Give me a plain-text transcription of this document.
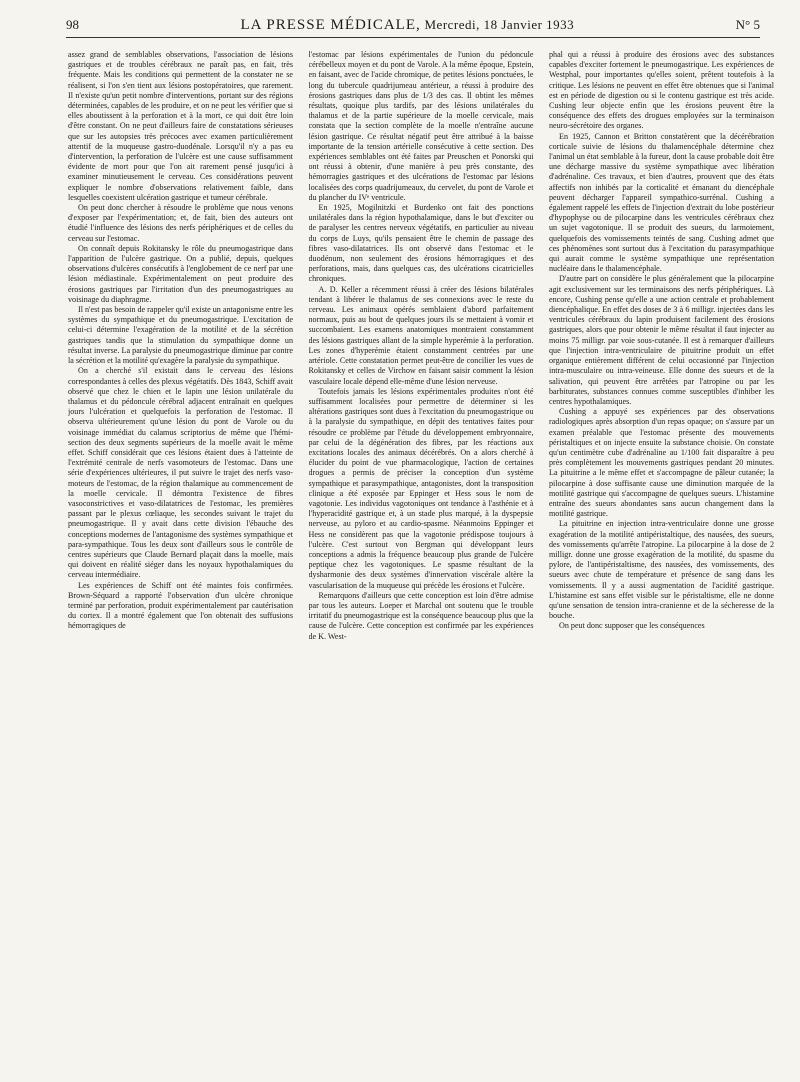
98	LA PRESSE MÉDICALE, Mercredi, 18 Janvier 1933	N° 5

assez grand de semblables observations, l'association de lésions gastriques et de troubles cérébraux ne paraît pas, en fait, très fréquente. Mais les conditions qui permettent de la constater ne se réalisent, si l'on s'en tient aux lésions postopératoires, que rarement. Il n'existe qu'un petit nombre d'interventions, portant sur des régions déterminées, capables de les produire, et on ne peut les vérifier que si elles aboutissent à la perforation et à la mort, ce qui doit être loin d'être constant. On ne peut d'ailleurs faire de constatations sérieuses que sur les autopsies très précoces avec examen particulièrement attentif de la muqueuse gastro-duodénale. Lorsqu'il n'y a pas eu d'intervention, la perforation de l'ulcère est une cause suffisamment évidente de mort pour que l'on ait rarement pensé jusqu'ici à examiner minutieusement le cerveau. Ces considérations peuvent expliquer le nombre d'observations relativement faible, dans lesquelles coexistent ulcération gastrique et tumeur cérébrale.

On peut donc chercher à résoudre le problème que nous venons d'exposer par l'expérimentation; et, de fait, bien des auteurs ont étudié l'influence des lésions des nerfs périphériques et de celles du cerveau sur l'estomac.

On connaît depuis Rokitansky le rôle du pneumogastrique dans l'apparition de l'ulcère gastrique. On a publié, depuis, quelques observations d'ulcères consécutifs à l'englobement de ce nerf par une lésion médiastinale. Expérimentalement on peut produire des érosions gastriques par l'irritation d'un des pneumogastriques au voisinage du diaphragme.

Il n'est pas besoin de rappeler qu'il existe un antagonisme entre les systèmes du sympathique et du pneumogastrique. L'excitation de celui-ci détermine l'exagération de la motilité et de la sécrétion gastriques tandis que la stimulation du sympathique donne un résultat inverse. La paralysie du pneumogastrique diminue par contre la sécrétion et la motilité qu'exagère la paralysie du sympathique.

On a cherché s'il existait dans le cerveau des lésions correspondantes à celles des plexus végétatifs. Dès 1843, Schiff avait observé que chez le chien et le lapin une lésion unilatérale du thalamus et du pédoncule cérébral adjacent entraînait en quelques jours l'ulcération et quelquefois la perforation de l'estomac. Il observa ultérieurement qu'une lésion du pont de Varole ou du voisinage immédiat du calamus scriptorius de même que l'hémi-section des deux segments supérieurs de la moelle avait le même effet. Schiff considérait que ces lésions étaient dues à l'atteinte de l'extrémité centrale de nerfs vasomoteurs de l'estomac. Dans une série d'expériences ultérieures, il put suivre le trajet des nerfs vaso-moteurs de l'estomac, de la région thalamique au commencement de la moelle cervicale. Il démontra l'existence de fibres vasoconstrictives et vaso-dilatatrices de l'estomac, les premières passant par le plexus cœliaque, les secondes suivant le trajet du pneumogastrique. Il y avait dans cette division l'ébauche des conceptions modernes de l'antagonisme des systèmes sympathique et para-sympathique. Tous les deux sont d'ailleurs sous le contrôle de centres supérieurs que Claude Bernard plaçait dans la moelle, mais qui doivent en réalité siéger dans les noyaux hypothalamiques du cerveau intermédiaire.

Les expériences de Schiff ont été maintes fois confirmées. Brown-Séquard a rapporté l'observation d'un ulcère chronique terminé par perforation, produit expérimentalement par cautérisation du cortex. Il a montré également que l'on obtenait des suffusions hémorragiques de

l'estomac par lésions expérimentales de l'union du pédoncule cérébelleux moyen et du pont de Varole. A la même époque, Epstein, en faisant, avec de l'acide chromique, de petites lésions ponctuées, le long du tubercule quadrijumeau antérieur, a réussi à produire des érosions gastriques dans plus de 1/3 des cas. Il obtint les mêmes résultats, quoique plus tardifs, par des lésions unilatérales du thalamus et de la partie supérieure de la moelle cervicale, mais constata que la section complète de la moelle n'entraîne aucune lésion gastrique. Ce résultat négatif peut être attribué à la baisse importante de la tension artérielle consécutive à cette section. Des expériences semblables ont été faites par Preuschen et Ponorski qui ont réussi à obtenir, d'une manière à peu près constante, des hémorragies gastriques et des ulcérations de l'estomac par lésions localisées des corps quadrijumeaux, du cervelet, du pont de Varole et du plancher du IVᵉ ventricule.

En 1925, Mogilnitzki et Burdenko ont fait des ponctions unilatérales dans la région hypothalamique, dans le but d'exciter ou de paralyser les centres nerveux végétatifs, en particulier au niveau du corps de Luys, qu'ils pensaient être le chemin de passage des fibres vaso-dilatatrices. Ils ont observé dans l'estomac et le duodénum, non seulement des érosions hémorragiques et des perforations, mais, dans quelques cas, des ulcérations cicatricielles chroniques.

A. D. Keller a récemment réussi à créer des lésions bilatérales tendant à libérer le thalamus de ses connexions avec le reste du cerveau. Les animaux opérés semblaient d'abord parfaitement normaux, puis au bout de quelques jours ils se mettaient à vomir et succombaient. Les examens anatomiques montraient constamment des lésions gastriques allant de la simple hyperémie à la perforation. Les zones d'hyperémie étaient constamment centrées par une artériole. Cette constatation permet peut-être de concilier les vues de Rokitansky et celles de Virchow en faisant saisir comment la lésion vasculaire locale dépend elle-même d'une lésion nerveuse.

Toutefois jamais les lésions expérimentales produites n'ont été suffisamment localisées pour permettre de déterminer si les altérations gastriques sont dues à l'excitation du pneumogastrique ou à la paralysie du sympathique, en dépit des tentatives faites pour résoudre ce problème par l'étude du développement embryonnaire, par celui de la dégénération des fibres, par les réactions aux excitations locales des animaux décérébrés. On a alors cherché à élucider du point de vue pharmacologique, l'action de certaines drogues a permis de préciser la conception d'un système sympathique et parasympathique, antagonistes, dont la transposition clinique a été exposée par Eppinger et Hess sous le nom de vagotonie. Les individus vagotoniques ont tendance à l'asthénie et à l'hyperacidité gastrique et, à un stade plus marqué, à la dyspepsie nerveuse, au pyloro et au cardio-spasme. Néanmoins Eppinger et Hess ne considèrent pas que la vagotonie prédispose toujours à l'ulcère. C'est surtout von Bergman qui développant leurs conceptions a admis la fréquence beaucoup plus grande de l'ulcère peptique chez les vagotoniques. Le spasme résultant de la dysharmonie des deux systèmes d'innervation viscérale altère la vascularisation de la muqueuse qui précède les érosions et l'ulcère.

Remarquons d'ailleurs que cette conception est loin d'être admise par tous les auteurs. Loeper et Marchal ont soutenu que le trouble irritatif du pneumogastrique est la conséquence beaucoup plus que la cause de l'ulcère. Cette conception est confirmée par les expériences de K. West-

phal qui a réussi à produire des érosions avec des substances capables d'exciter fortement le pneumogastrique. Les expériences de Westphal, pour importantes qu'elles soient, prêtent toutefois à la critique. Les lésions ne peuvent en effet être obtenues que si l'animal est en période de digestion ou si le contenu gastrique est très acide. Cushing leur objecte enfin que les érosions peuvent être la conséquence des effets des drogues employées sur la terminaison neuro-sécrétoire des organes.

En 1925, Cannon et Britton constatèrent que la décérébration corticale suivie de lésions du thalamencéphale détermine chez l'animal un état semblable à la fureur, dont la cause probable doit être une décharge massive du système sympathique avec libération d'adrénaline. Ces travaux, et bien d'autres, prouvent que des états affectifs non inhibés par la corticalité et émanant du diencéphale peuvent décharger l'appareil sympathico-surrénal. Cushing a également rappelé les effets de l'injection d'extrait du lobe postérieur d'hypophyse ou de pilocarpine dans les ventricules cérébraux chez un sujet vagotonique. Il se produit des sueurs, du larmoiement, quelquefois des vomissements teintés de sang. Cushing admet que ces phénomènes sont surtout dus à l'excitation du parasympathique qui aurait comme le système sympathique une représentation nucléaire dans le thalamencéphale.

D'autre part on considère le plus généralement que la pilocarpine agit exclusivement sur les terminaisons des nerfs périphériques. Là encore, Cushing pense qu'elle a une action centrale et probablement diencéphalique. En effet des doses de 3 à 6 milligr. injectées dans les ventricules cérébraux du lapin produisent facilement des érosions gastriques, alors que pour obtenir le même résultat il faut injecter au moins 75 milligr. par voie sous-cutanée. Il est à remarquer d'ailleurs que l'injection intra-ventriculaire de pituitrine produit un effet organique entièrement différent de celui occasionné par l'injection intra-musculaire ou intra-veineuse. Elle donne des sueurs et de la salivation, qui peuvent être arrêtées par l'atropine ou par les barbiturates, substances connues comme susceptibles d'inhiber les centres hypothalamiques.

Cushing a appuyé ses expériences par des observations radiologiques après absorption d'un repas opaque; on s'assure par un examen préalable que l'estomac présente des mouvements péristaltiques et on injecte ensuite la substance choisie. On constate qu'un centimètre cube d'adrénaline au 1/100 fait disparaître à peu près complètement les mouvements gastriques pendant 20 minutes. La pituitrine a le même effet et s'accompagne de pâleur cutanée; la pilocarpine à dose suffisante cause une diminution marquée de la motilité gastrique qui s'accompagne de quelques sueurs. L'histamine entraîne des sueurs abondantes sans aucun changement dans la motilité gastrique.

La pituitrine en injection intra-ventriculaire donne une grosse exagération de la motilité antipéristaltique, des nausées, des sueurs, des vomissements qu'arrête l'atropine. La pilocarpine à la dose de 2 milligr. donne une grosse exagération de la motilité, du spasme du pylore, de l'antipéristaltisme, des nausées, des vomissements, des sueurs avec chute de température et présence de sang dans les vomissements. Il y a aussi augmentation de l'acidité gastrique. L'histamine est sans effet visible sur le péristaltisme, elle ne donne qu'une sensation de tension intra-cranienne et de la sécheresse de la bouche.

On peut donc supposer que les conséquences
